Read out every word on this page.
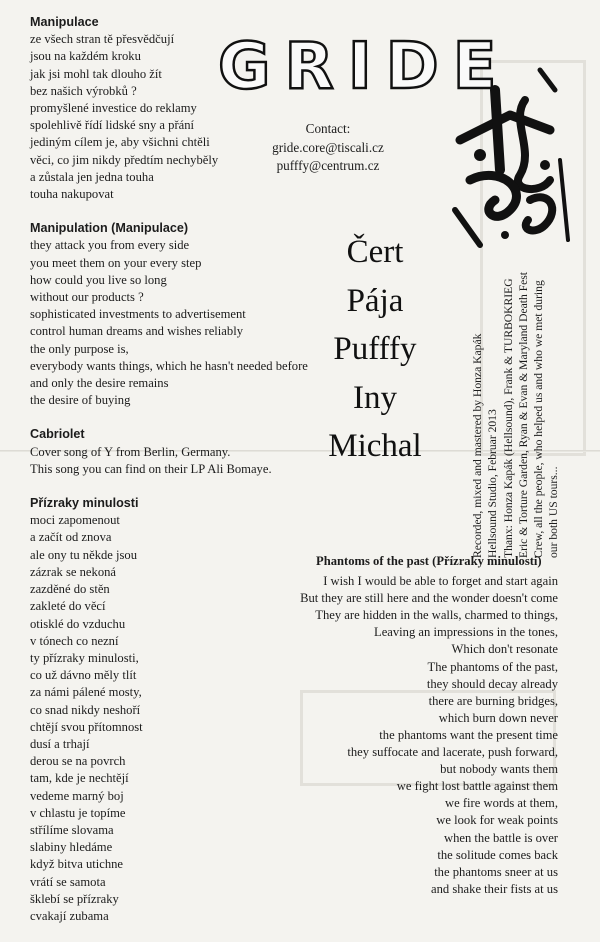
Manipulace
ze všech stran tě přesvědčují
jsou na každém kroku
jak jsi mohl tak dlouho žít
bez našich výrobků ?
promyšlené investice do reklamy
spolehlivě řídí lidské sny a přání
jediným cílem je, aby všichni chtěli
věci, co jim nikdy předtím nechyběly
a zůstala jen jedna touha
touha nakupovat
Manipulation (Manipulace)
they attack you from every side
you meet them on your every step
how could you live so long
without our products ?
sophisticated investments to advertisement
control human dreams and wishes reliably
the only purpose is,
everybody wants things, which he hasn't needed before
and only the desire remains
the desire of buying
Cabriolet
Cover song of Y from Berlin, Germany.
This song you can find on their LP Ali Bomaye.
Přízraky minulosti
moci zapomenout
a začít od znova
ale ony tu někde jsou
zázrak se nekoná
zazděné do stěn
zakleté do věcí
otisklé do vzduchu
v tónech co nezní
ty přízraky minulosti,
co už dávno měly tlít
za námi pálené mosty,
co snad nikdy neshoří
chtějí svou přítomnost
dusí a trhají
derou se na povrch
tam, kde je nechtějí
vedeme marný boj
v chlastu je topíme
střílíme slovama
slabiny hledáme
když bitva utichne
vrátí se samota
šklebí se přízraky
cvakají zubama
GRIDE
Contact:
gride.core@tiscali.cz
pufffy@centrum.cz
Čert
Pája
Pufffy
Iny
Michal	Recorded, mixed and mastered by Honza Kapák Hellsound Studio, Februar 2013 Thanx: Honza Kapák (Hellsound), Frank & TURBOKRIEG Eric & Torture Garden, Ryan & Evan & Maryland Death Fest Crew, all the people, who helped us and who we met during our both US tours...
Phantoms of the past (Přízraky minulosti)
I wish I would be able to forget and start again
But they are still here and the wonder doesn't come
They are hidden in the walls, charmed to things,
Leaving an impressions in the tones,
Which don't resonate
The phantoms of the past,
they should decay already
there are burning bridges,
which burn down never
the phantoms want the present time
they suffocate and lacerate, push forward,
but nobody wants them
we fight lost battle against them
we fire words at them,
we look for weak points
when the battle is over
the solitude comes back
the phantoms sneer at us
and shake their fists at us
